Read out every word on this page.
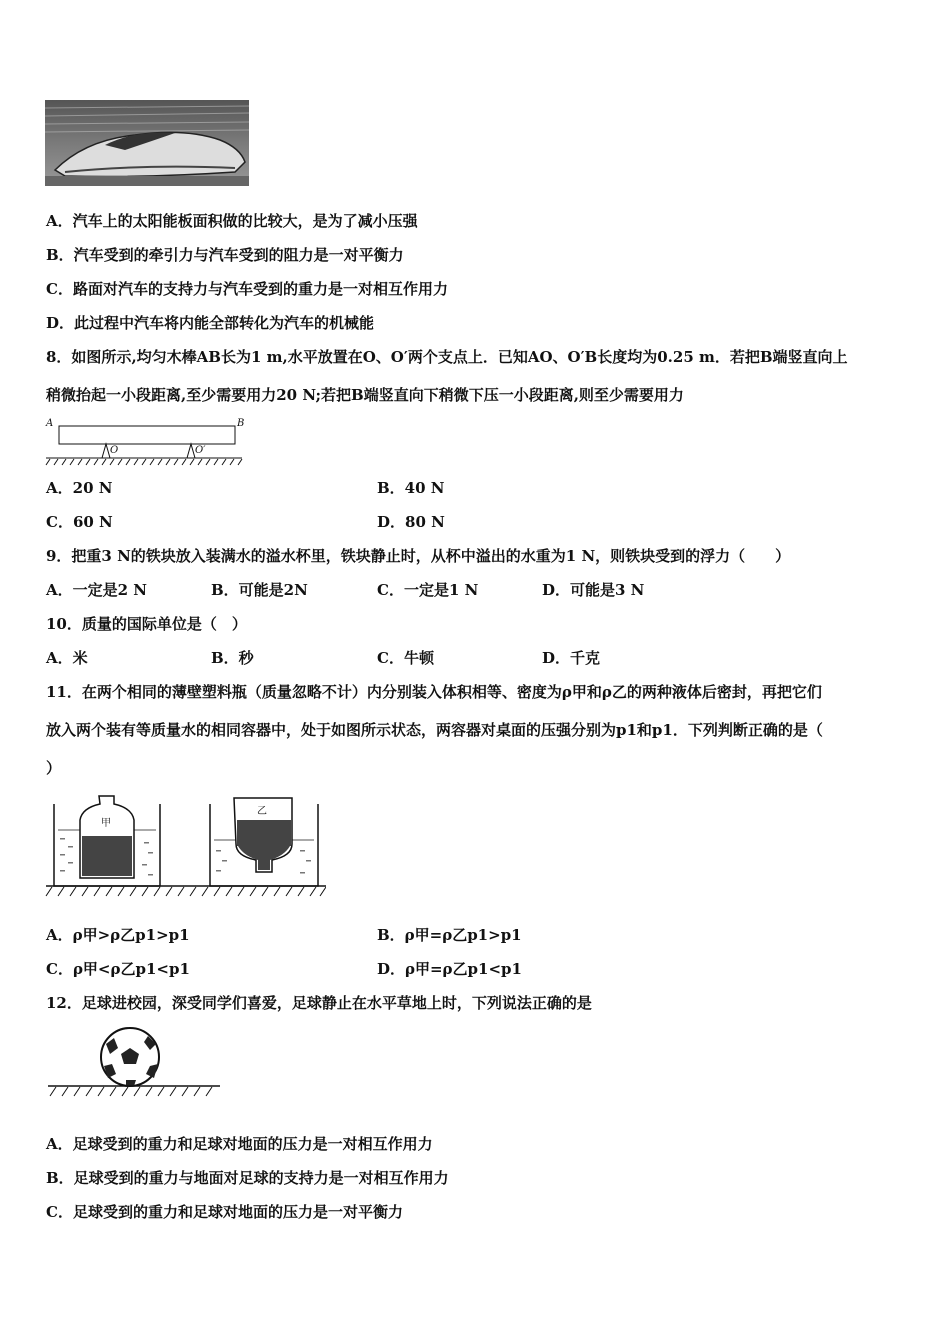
A．汽车上的太阳能板面积做的比较大，是为了减小压强
B．汽车受到的牵引力与汽车受到的阻力是一对平衡力
C．路面对汽车的支持力与汽车受到的重力是一对相互作用力
D．此过程中汽车将内能全部转化为汽车的机械能
8．如图所示,均匀木棒AB长为1 m,水平放置在O、O′两个支点上．已知AO、O′B长度均为0.25 m．若把B端竖直向上
稍微抬起一小段距离,至少需要用力20 N;若把B端竖直向下稍微下压一小段距离,则至少需要用力
A	B
O	O′
A．20 N	B．40 N
C．60 N	D．80 N
9．把重3 N的铁块放入装满水的溢水杯里，铁块静止时，从杯中溢出的水重为1 N，则铁块受到的浮力（　　）
A．一定是2 N	B．可能是2N	C．一定是1 N	D．可能是3 N
10．质量的国际单位是（　）
A．米	B．秒	C．牛顿	D．千克
11．在两个相同的薄壁塑料瓶（质量忽略不计）内分别装入体积相等、密度为ρ甲和ρ乙的两种液体后密封，再把它们
放入两个装有等质量水的相同容器中，处于如图所示状态，两容器对桌面的压强分别为p1和p1．下列判断正确的是（
）
甲
乙
A．ρ甲>ρ乙p1>p1	B．ρ甲=ρ乙p1>p1
C．ρ甲<ρ乙p1<p1	D．ρ甲=ρ乙p1<p1
12．足球进校园，深受同学们喜爱，足球静止在水平草地上时，下列说法正确的是
A．足球受到的重力和足球对地面的压力是一对相互作用力
B．足球受到的重力与地面对足球的支持力是一对相互作用力
C．足球受到的重力和足球对地面的压力是一对平衡力
